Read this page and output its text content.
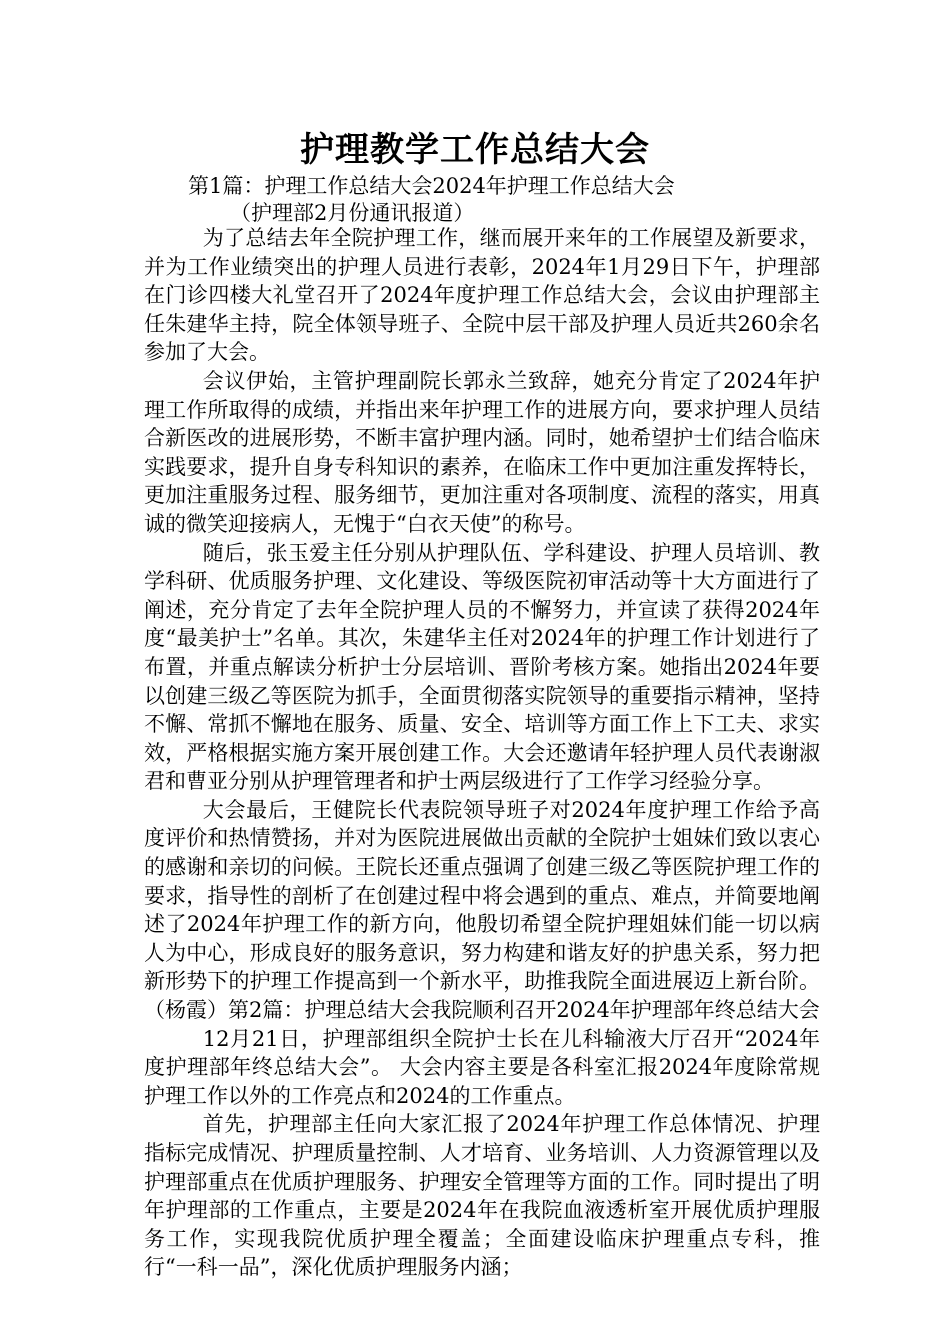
护理教学工作总结大会
第1篇：护理工作总结大会2024年护理工作总结大会
（护理部2月份通讯报道）

为了总结去年全院护理工作，继而展开来年的工作展望及新要求，并为工作业绩突出的护理人员进行表彰，2024年1月29日下午，护理部在门诊四楼大礼堂召开了2024年度护理工作总结大会，会议由护理部主任朱建华主持，院全体领导班子、全院中层干部及护理人员近共260余名参加了大会。

会议伊始，主管护理副院长郭永兰致辞，她充分肯定了2024年护理工作所取得的成绩，并指出来年护理工作的进展方向，要求护理人员结合新医改的进展形势，不断丰富护理内涵。同时，她希望护士们结合临床实践要求，提升自身专科知识的素养，在临床工作中更加注重发挥特长，更加注重服务过程、服务细节，更加注重对各项制度、流程的落实，用真诚的微笑迎接病人，无愧于“白衣天使”的称号。

随后，张玉爱主任分别从护理队伍、学科建设、护理人员培训、教学科研、优质服务护理、文化建设、等级医院初审活动等十大方面进行了阐述，充分肯定了去年全院护理人员的不懈努力，并宣读了获得2024年度“最美护士”名单。其次，朱建华主任对2024年的护理工作计划进行了布置，并重点解读分析护士分层培训、晋阶考核方案。她指出2024年要以创建三级乙等医院为抓手，全面贯彻落实院领导的重要指示精神，坚持不懈、常抓不懈地在服务、质量、安全、培训等方面工作上下工夫、求实效，严格根据实施方案开展创建工作。大会还邀请年轻护理人员代表谢淑君和曹亚分别从护理管理者和护士两层级进行了工作学习经验分享。

大会最后，王健院长代表院领导班子对2024年度护理工作给予高度评价和热情赞扬，并对为医院进展做出贡献的全院护士姐妹们致以衷心的感谢和亲切的问候。王院长还重点强调了创建三级乙等医院护理工作的要求，指导性的剖析了在创建过程中将会遇到的重点、难点，并简要地阐述了2024年护理工作的新方向，他殷切希望全院护理姐妹们能一切以病人为中心，形成良好的服务意识，努力构建和谐友好的护患关系，努力把新形势下的护理工作提高到一个新水平，助推我院全面进展迈上新台阶。（杨霞）第2篇：护理总结大会我院顺利召开2024年护理部年终总结大会

12月21日，护理部组织全院护士长在儿科输液大厅召开“2024年度护理部年终总结大会”。 大会内容主要是各科室汇报2024年度除常规护理工作以外的工作亮点和2024的工作重点。

首先，护理部主任向大家汇报了2024年护理工作总体情况、护理指标完成情况、护理质量控制、人才培育、业务培训、人力资源管理以及护理部重点在优质护理服务、护理安全管理等方面的工作。同时提出了明年护理部的工作重点，主要是2024年在我院血液透析室开展优质护理服务工作，实现我院优质护理全覆盖；全面建设临床护理重点专科，推行“一科一品”，深化优质护理服务内涵；
